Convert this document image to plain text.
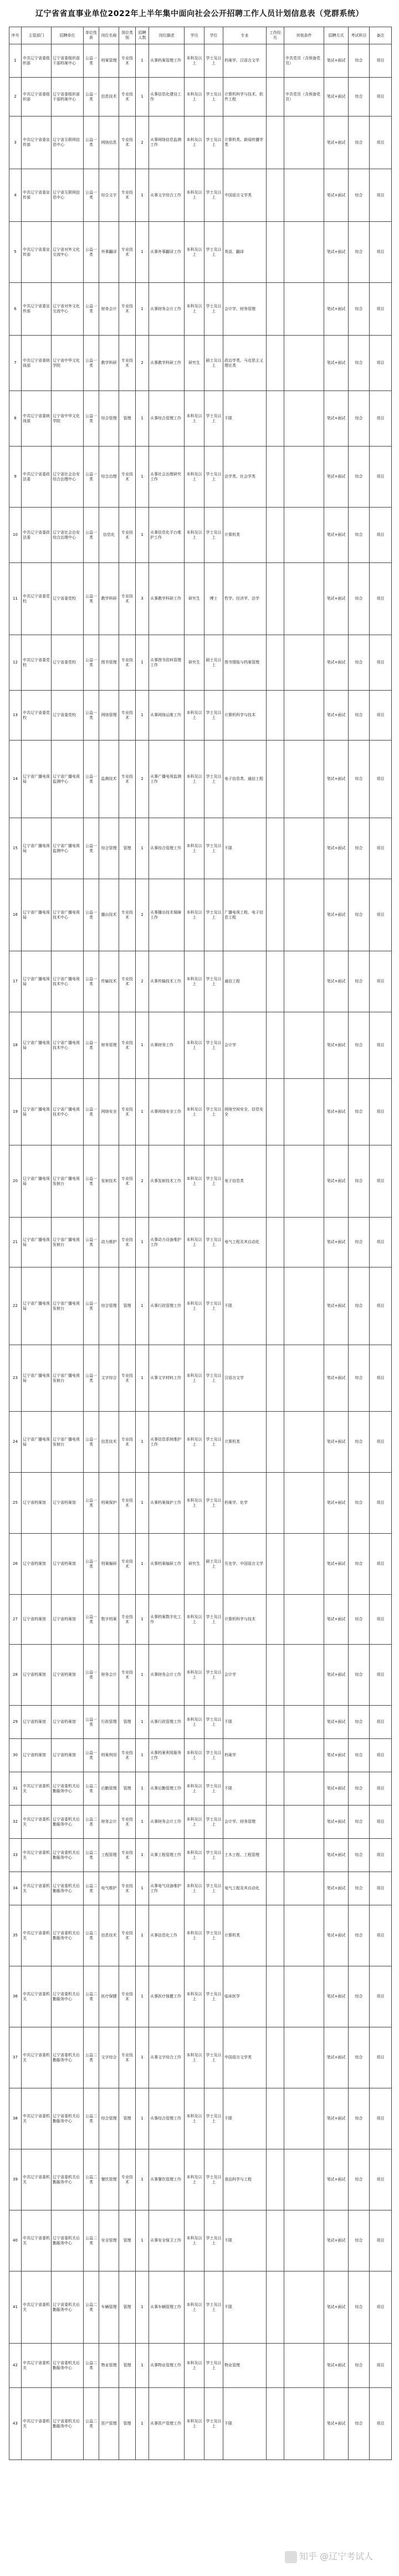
辽宁省省直事业单位2022年上半年集中面向社会公开招聘工作人员计划信息表（党群系统）
序号	主管部门	招聘单位	单位性质	岗位名称	岗位类别	招聘人数	岗位描述	学历	学位	专业	工作经历	其他条件	招聘方式	考试科目	备注
1	中共辽宁省委组织部	辽宁省委组织部干部档案中心	公益一类	档案管理	专业技术	1	从事档案管理工作	本科及以上	学士及以上	档案学、汉语言文学		中共党员（含预备党员）	笔试+面试	综合	项目
2	中共辽宁省委组织部	辽宁省委组织部干部档案中心	公益一类	信息技术	专业技术	1	从事信息化建设工作	本科及以上	学士及以上	计算机科学与技术、软件工程		中共党员（含预备党员）	笔试+面试	综合	项目
3	中共辽宁省委宣传部	辽宁省互联网信息中心	公益一类	网络信息	专业技术	2	从事网络信息监测工作	本科及以上	学士及以上	计算机类、新闻传播学类			笔试+面试	综合	项目
4	中共辽宁省委宣传部	辽宁省互联网信息中心	公益一类	综合文字	专业技术	1	从事文字综合工作	本科及以上	学士及以上	中国语言文学类			笔试+面试	综合	项目
5	中共辽宁省委宣传部	辽宁省对外文化交流中心	公益一类	外事翻译	专业技术	1	从事外事翻译工作	本科及以上	学士及以上	英语、翻译			笔试+面试	综合	项目
6	中共辽宁省委宣传部	辽宁省对外文化交流中心	公益一类	财务会计	专业技术	1	从事财务会计工作	本科及以上	学士及以上	会计学、财务管理			笔试+面试	综合	项目
7	中共辽宁省委统战部	辽宁省中华文化学院	公益一类	教学科研	专业技术	2	从事教学科研工作	研究生	硕士及以上	政治学类、马克思主义理论类			笔试+面试	综合	项目
8	中共辽宁省委统战部	辽宁省中华文化学院	公益一类	综合管理	管理	1	从事综合管理工作	本科及以上	学士及以上	不限			笔试+面试	综合	项目
9	中共辽宁省委政法委	辽宁省社会治安综合治理中心	公益一类	综合治理	专业技术	1	从事社会治理研究工作	本科及以上	学士及以上	法学类、社会学类			笔试+面试	综合	项目
10	中共辽宁省委政法委	辽宁省社会治安综合治理中心	公益一类	信息化	专业技术	1	从事信息化平台维护工作	本科及以上	学士及以上	计算机类			笔试+面试	综合	项目
11	中共辽宁省委党校	辽宁省委党校	公益一类	教学科研	专业技术	3	从事教学科研工作	研究生	博士	哲学、经济学、法学			笔试+面试	综合	项目
12	中共辽宁省委党校	辽宁省委党校	公益一类	图书管理	专业技术	1	从事图书资料管理工作	研究生	硕士及以上	图书情报与档案管理			笔试+面试	综合	项目
13	中共辽宁省委党校	辽宁省委党校	公益一类	网络管理	专业技术	1	从事网络运维工作	本科及以上	学士及以上	计算机科学与技术			笔试+面试	综合	项目
14	辽宁省广播电视局	辽宁省广播电视监测中心	公益一类	监测技术	专业技术	2	从事广播电视监测工作	本科及以上	学士及以上	电子信息类、通信工程			笔试+面试	综合	项目
15	辽宁省广播电视局	辽宁省广播电视监测中心	公益一类	综合管理	管理	1	从事综合管理工作	本科及以上	学士及以上	不限			笔试+面试	综合	项目
16	辽宁省广播电视局	辽宁省广播电视技术中心	公益一类	播出技术	专业技术	2	从事播出技术保障工作	本科及以上	学士及以上	广播电视工程、电子信息工程			笔试+面试	综合	项目
17	辽宁省广播电视局	辽宁省广播电视技术中心	公益一类	传输技术	专业技术	2	从事传输技术工作	本科及以上	学士及以上	通信工程			笔试+面试	综合	项目
18	辽宁省广播电视局	辽宁省广播电视技术中心	公益一类	财务管理	专业技术	1	从事财务工作	本科及以上	学士及以上	会计学			笔试+面试	综合	项目
19	辽宁省广播电视局	辽宁省广播电视技术中心	公益一类	网络安全	专业技术	1	从事网络安全工作	本科及以上	学士及以上	网络空间安全、信息安全			笔试+面试	综合	项目
20	辽宁省广播电视局	辽宁省广播电视发射台	公益一类	发射技术	专业技术	2	从事发射技术工作	本科及以上	学士及以上	电子信息类			笔试+面试	综合	项目
21	辽宁省广播电视局	辽宁省广播电视发射台	公益一类	动力维护	专业技术	1	从事动力设备维护工作	本科及以上	学士及以上	电气工程及其自动化			笔试+面试	综合	项目
22	辽宁省广播电视局	辽宁省广播电视发射台	公益一类	综合管理	管理	1	从事行政管理工作	本科及以上	学士及以上	不限			笔试+面试	综合	项目
23	辽宁省广播电视局	辽宁省广播电视发射台	公益一类	文字综合	专业技术	1	从事文字材料工作	本科及以上	学士及以上	汉语言文学			笔试+面试	综合	项目
24	辽宁省广播电视局	辽宁省广播电视发射台	公益一类	信息技术	专业技术	1	从事信息系统维护工作	本科及以上	学士及以上	计算机类			笔试+面试	综合	项目
25	辽宁省档案馆	辽宁省档案馆	公益一类	档案保护	专业技术	1	从事档案保护工作	本科及以上	学士及以上	档案学、化学			笔试+面试	综合	项目
26	辽宁省档案馆	辽宁省档案馆	公益一类	档案编研	专业技术	1	从事档案编研工作	研究生	硕士及以上	历史学、中国语言文学			笔试+面试	综合	项目
27	辽宁省档案馆	辽宁省档案馆	公益一类	数字档案	专业技术	1	从事档案数字化工作	本科及以上	学士及以上	计算机科学与技术			笔试+面试	综合	项目
28	辽宁省档案馆	辽宁省档案馆	公益一类	财务会计	专业技术	1	从事财务会计工作	本科及以上	学士及以上	会计学			笔试+面试	综合	项目
29	辽宁省档案馆	辽宁省档案馆	公益一类	行政管理	管理	1	从事行政管理工作	本科及以上	学士及以上	不限			笔试+面试	综合	项目
30	辽宁省档案馆	辽宁省档案馆	公益一类	档案利用	专业技术	1	从事档案利用服务工作	本科及以上	学士及以上	档案学			笔试+面试	综合	项目
31	中共辽宁省委机关	辽宁省委机关后勤服务中心	公益二类	后勤管理	管理	1	从事后勤管理工作	本科及以上	学士及以上	不限			笔试+面试	综合	项目
32	中共辽宁省委机关	辽宁省委机关后勤服务中心	公益二类	财务会计	专业技术	1	从事财务会计工作	本科及以上	学士及以上	会计学、财务管理			笔试+面试	综合	项目
33	中共辽宁省委机关	辽宁省委机关后勤服务中心	公益二类	工程管理	专业技术	1	从事工程管理工作	本科及以上	学士及以上	土木工程、工程管理			笔试+面试	综合	项目
34	中共辽宁省委机关	辽宁省委机关后勤服务中心	公益二类	电气维护	专业技术	1	从事电气设备维护工作	本科及以上	学士及以上	电气工程及其自动化			笔试+面试	综合	项目
35	中共辽宁省委机关	辽宁省委机关后勤服务中心	公益二类	信息技术	专业技术	1	从事信息化工作	本科及以上	学士及以上	计算机类			笔试+面试	综合	项目
36	中共辽宁省委机关	辽宁省委机关后勤服务中心	公益二类	医疗保健	专业技术	1	从事医疗保健工作	本科及以上	学士及以上	临床医学			笔试+面试	综合	项目
37	中共辽宁省委机关	辽宁省委机关后勤服务中心	公益二类	文字综合	专业技术	1	从事文字综合工作	本科及以上	学士及以上	中国语言文学类			笔试+面试	综合	项目
38	中共辽宁省委机关	辽宁省委机关后勤服务中心	公益二类	综合管理	管理	1	从事综合管理工作	本科及以上	学士及以上	不限			笔试+面试	综合	项目
39	中共辽宁省委机关	辽宁省委机关后勤服务中心	公益二类	餐饮管理	专业技术	1	从事餐饮管理工作	本科及以上	学士及以上	食品科学与工程			笔试+面试	综合	项目
40	中共辽宁省委机关	辽宁省委机关后勤服务中心	公益二类	安全管理	管理	1	从事安全保卫工作	本科及以上	学士及以上	不限			笔试+面试	综合	项目
41	中共辽宁省委机关	辽宁省委机关后勤服务中心	公益二类	车辆管理	管理	1	从事车辆管理工作	本科及以上	学士及以上	不限			笔试+面试	综合	项目
42	中共辽宁省委机关	辽宁省委机关后勤服务中心	公益二类	物业管理	管理	1	从事物业管理工作	本科及以上	学士及以上	物业管理			笔试+面试	综合	项目
43	中共辽宁省委机关	辽宁省委机关后勤服务中心	公益二类	资产管理	管理	1	从事资产管理工作	本科及以上	学士及以上	不限			笔试+面试	综合	项目
知乎 @辽宁考试人
